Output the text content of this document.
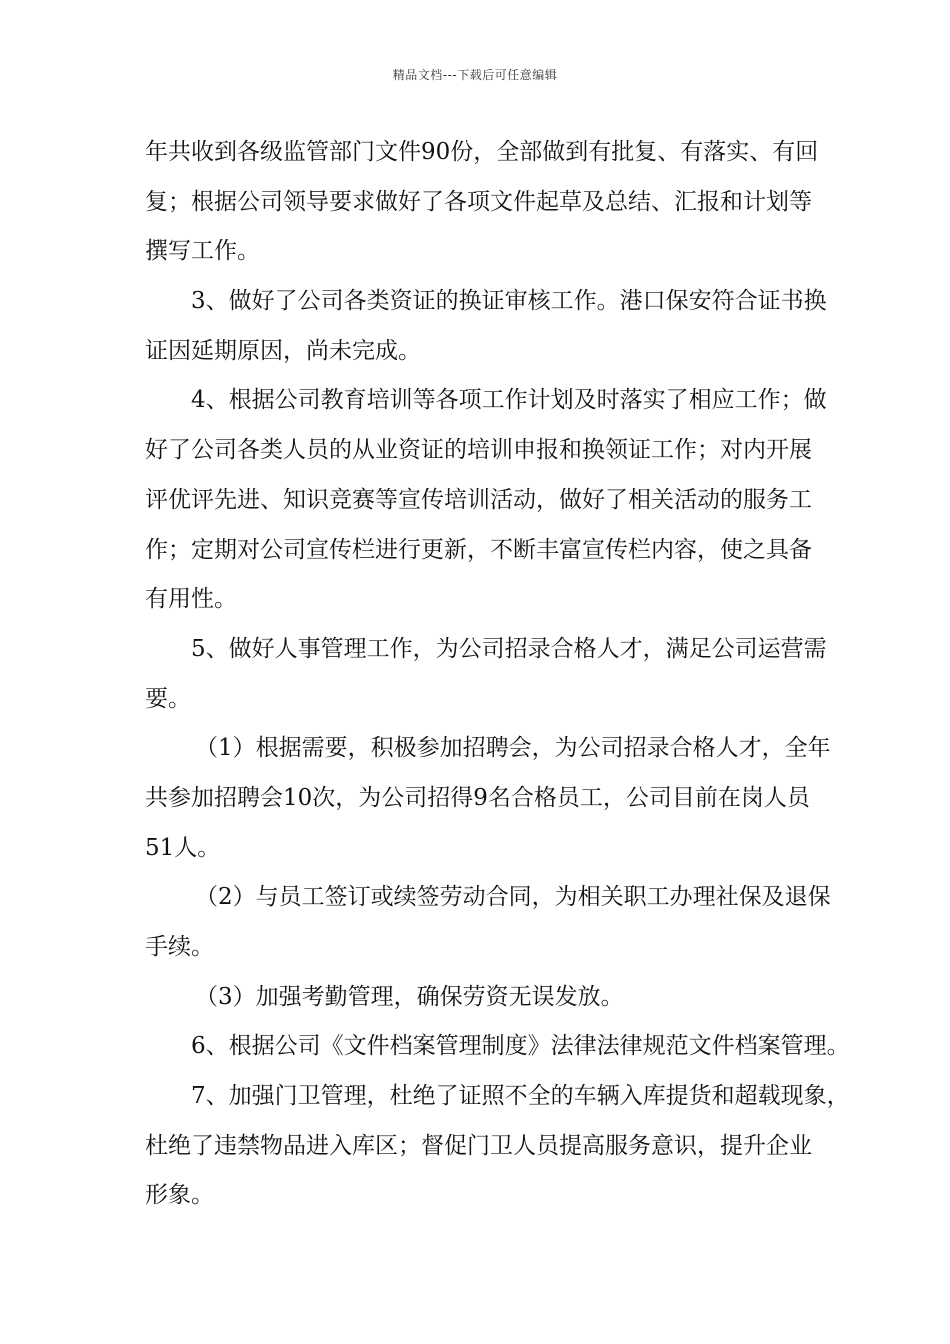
精品文档---下载后可任意编辑
年共收到各级监管部门文件90份，全部做到有批复、有落实、有回
复；根据公司领导要求做好了各项文件起草及总结、汇报和计划等
撰写工作。
3、做好了公司各类资证的换证审核工作。港口保安符合证书换
证因延期原因，尚未完成。
4、根据公司教育培训等各项工作计划及时落实了相应工作；做
好了公司各类人员的从业资证的培训申报和换领证工作；对内开展
评优评先进、知识竞赛等宣传培训活动，做好了相关活动的服务工
作；定期对公司宣传栏进行更新，不断丰富宣传栏内容，使之具备
有用性。
5、做好人事管理工作，为公司招录合格人才，满足公司运营需
要。
（1）根据需要，积极参加招聘会，为公司招录合格人才，全年
共参加招聘会10次，为公司招得9名合格员工，公司目前在岗人员
51人。
（2）与员工签订或续签劳动合同，为相关职工办理社保及退保
手续。
（3）加强考勤管理，确保劳资无误发放。
6、根据公司《文件档案管理制度》法律法律规范文件档案管理。
7、加强门卫管理，杜绝了证照不全的车辆入库提货和超载现象，
杜绝了违禁物品进入库区；督促门卫人员提高服务意识，提升企业
形象。
